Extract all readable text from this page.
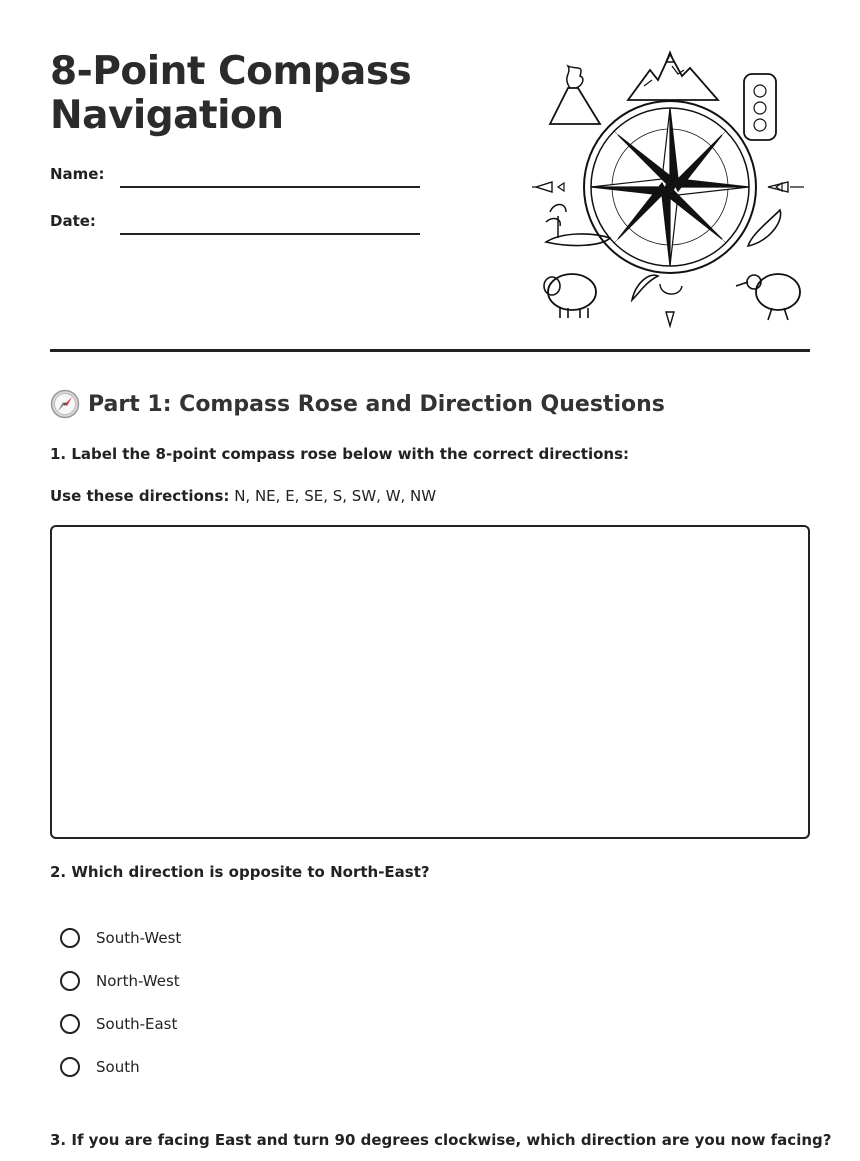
8-Point Compass
Navigation
Name:
Date:
Part 1: Compass Rose and Direction Questions

1. Label the 8-point compass rose below with the correct directions:

Use these directions: N, NE, E, SE, S, SW, W, NW

2. Which direction is opposite to North-East?

South-West
North-West
South-East
South

3. If you are facing East and turn 90 degrees clockwise, which direction are you now facing?
